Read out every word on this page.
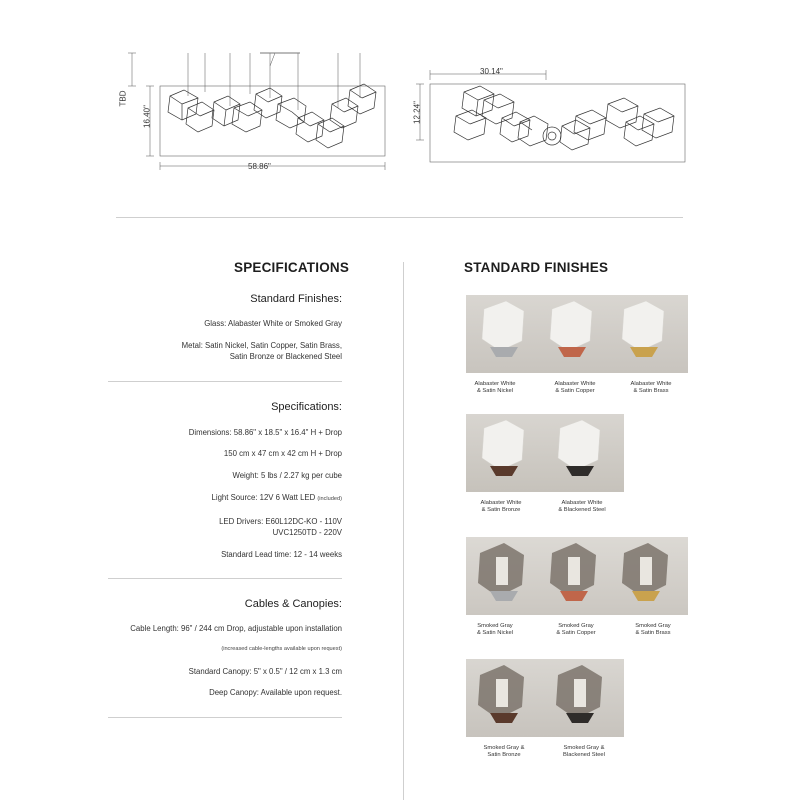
TBD
16.40"
58.86"
30.14"
12.24"
SPECIFICATIONS
Standard Finishes:
Glass: Alabaster White or Smoked Gray
Metal: Satin Nickel, Satin Copper, Satin Brass,
Satin Bronze or Blackened Steel
Specifications:
Dimensions: 58.86" x 18.5" x 16.4" H + Drop
150 cm x 47 cm x 42 cm H + Drop
Weight: 5 lbs / 2.27 kg per cube
Light Source: 12V 6 Watt LED (included)
LED Drivers: E60L12DC-KO - 110V
UVC1250TD - 220V
Standard Lead time: 12 - 14 weeks
Cables & Canopies:
Cable Length: 96" / 244 cm Drop, adjustable upon installation
(increased cable-lengths available upon request)
Standard Canopy: 5" x 0.5" / 12 cm x 1.3 cm
Deep Canopy: Available upon request.
STANDARD FINISHES
Alabaster White
& Satin Nickel
Alabaster White
& Satin Copper
Alabaster White
& Satin Brass
Alabaster White
& Satin Bronze
Alabaster White
& Blackened Steel
Smoked Gray
& Satin Nickel
Smoked Gray
& Satin Copper
Smoked Gray
& Satin Brass
Smoked Gray &
Satin Bronze
Smoked Gray &
Blackened Steel
